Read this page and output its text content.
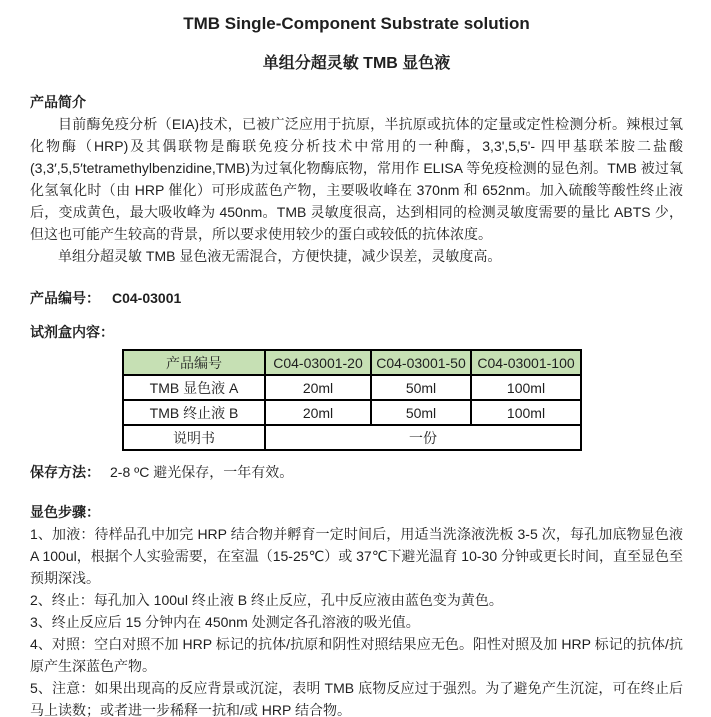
TMB Single-Component Substrate solution
单组分超灵敏 TMB 显色液
产品简介

目前酶免疫分析（EIA)技术，已被广泛应用于抗原，半抗原或抗体的定量或定性检测分析。辣根过氧化物酶（HRP)及其偶联物是酶联免疫分析技术中常用的一种酶，3,3',5,5'- 四甲基联苯胺二盐酸(3,3′,5,5′tetramethylbenzidine,TMB)为过氧化物酶底物，常用作 ELISA 等免疫检测的显色剂。TMB 被过氧化氢氧化时（由 HRP 催化）可形成蓝色产物，主要吸收峰在 370nm 和 652nm。加入硫酸等酸性终止液后，变成黄色，最大吸收峰为 450nm。TMB 灵敏度很高，达到相同的检测灵敏度需要的量比 ABTS 少，但这也可能产生较高的背景，所以要求使用较少的蛋白或较低的抗体浓度。

单组分超灵敏 TMB 显色液无需混合，方便快捷，减少误差，灵敏度高。

产品编号： C04-03001
试剂盒内容：
产品编号	C04-03001-20	C04-03001-50	C04-03001-100
TMB 显色液 A	20ml	50ml	100ml
TMB 终止液 B	20ml	50ml	100ml
说明书	一份		
保存方法： 2-8 ºC 避光保存，一年有效。
显色步骤：

1、加液：待样品孔中加完 HRP 结合物并孵育一定时间后，用适当洗涤液洗板 3-5 次，每孔加底物显色液 A 100ul，根据个人实验需要，在室温（15-25℃）或 37℃下避光温育 10-30 分钟或更长时间，直至显色至预期深浅。

2、终止：每孔加入 100ul 终止液 B 终止反应，孔中反应液由蓝色变为黄色。

3、终止反应后 15 分钟内在 450nm 处测定各孔溶液的吸光值。

4、对照：空白对照不加 HRP 标记的抗体/抗原和阴性对照结果应无色。阳性对照及加 HRP 标记的抗体/抗原产生深蓝色产物。

5、注意：如果出现高的反应背景或沉淀，表明 TMB 底物反应过于强烈。为了避免产生沉淀，可在终止后马上读数；或者进一步稀释一抗和/或 HRP 结合物。
